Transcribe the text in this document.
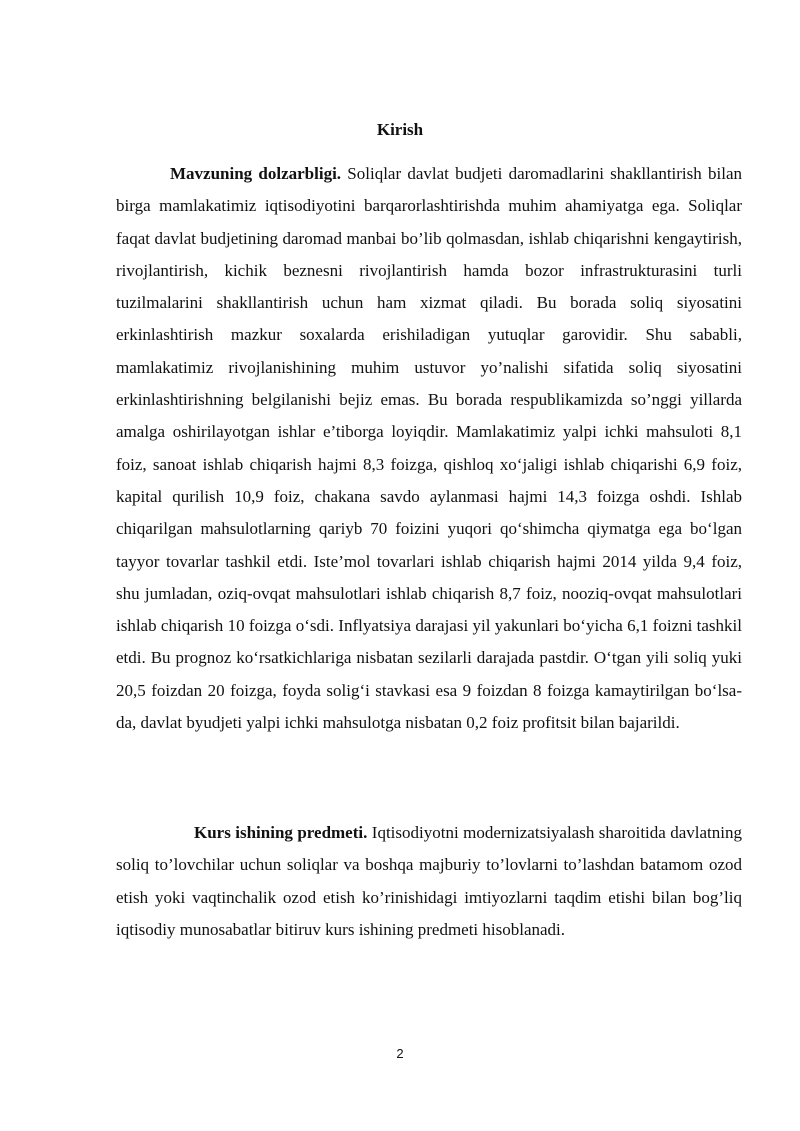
Kirish

Mavzuning dolzarbligi. Soliqlar davlat budjeti daromadlarini shakllantirish bilan birga mamlakatimiz iqtisodiyotini barqarorlashtirishda muhim ahamiyatga ega. Soliqlar faqat davlat budjetining daromad manbai bo’lib qolmasdan, ishlab chiqarishni kengaytirish, rivojlantirish, kichik beznesni rivojlantirish hamda bozor infrastrukturasini turli tuzilmalarini shakllantirish uchun ham xizmat qiladi. Bu borada soliq siyosatini erkinlashtirish mazkur soxalarda erishiladigan yutuqlar garovidir. Shu sababli, mamlakatimiz rivojlanishining muhim ustuvor yo’nalishi sifatida soliq siyosatini erkinlashtirishning belgilanishi bejiz emas. Bu borada respublikamizda so’nggi yillarda amalga oshirilayotgan ishlar e’tiborga loyiqdir. Mamlakatimiz yalpi ichki mahsuloti 8,1 foiz, sanoat ishlab chiqarish hajmi 8,3 foizga, qishloq xo‘jaligi ishlab chiqarishi 6,9 foiz, kapital qurilish 10,9 foiz, chakana savdo aylanmasi hajmi 14,3 foizga oshdi. Ishlab chiqarilgan mahsulotlarning qariyb 70 foizini yuqori qo‘shimcha qiymatga ega bo‘lgan tayyor tovarlar tashkil etdi. Iste’mol tovarlari ishlab chiqarish hajmi 2014 yilda 9,4 foiz, shu jumladan, oziq-ovqat mahsulotlari ishlab chiqarish 8,7 foiz, nooziq-ovqat mahsulotlari ishlab chiqarish 10 foizga o‘sdi. Inflyatsiya darajasi yil yakunlari bo‘yicha 6,1 foizni tashkil etdi. Bu prognoz ko‘rsatkichlariga nisbatan sezilarli darajada pastdir. O‘tgan yili soliq yuki 20,5 foizdan 20 foizga, foyda solig‘i stavkasi esa 9 foizdan 8 foizga kamaytirilgan bo‘lsa-da, davlat byudjeti yalpi ichki mahsulotga nisbatan 0,2 foiz profitsit bilan bajarildi.

Kurs ishining predmeti. Iqtisodiyotni modernizatsiyalash sharoitida davlatning soliq to’lovchilar uchun soliqlar va boshqa majburiy to’lovlarni to’lashdan batamom ozod etish yoki vaqtinchalik ozod etish ko’rinishidagi imtiyozlarni taqdim etishi bilan bog’liq iqtisodiy munosabatlar bitiruv kurs ishining predmeti hisoblanadi.

2
